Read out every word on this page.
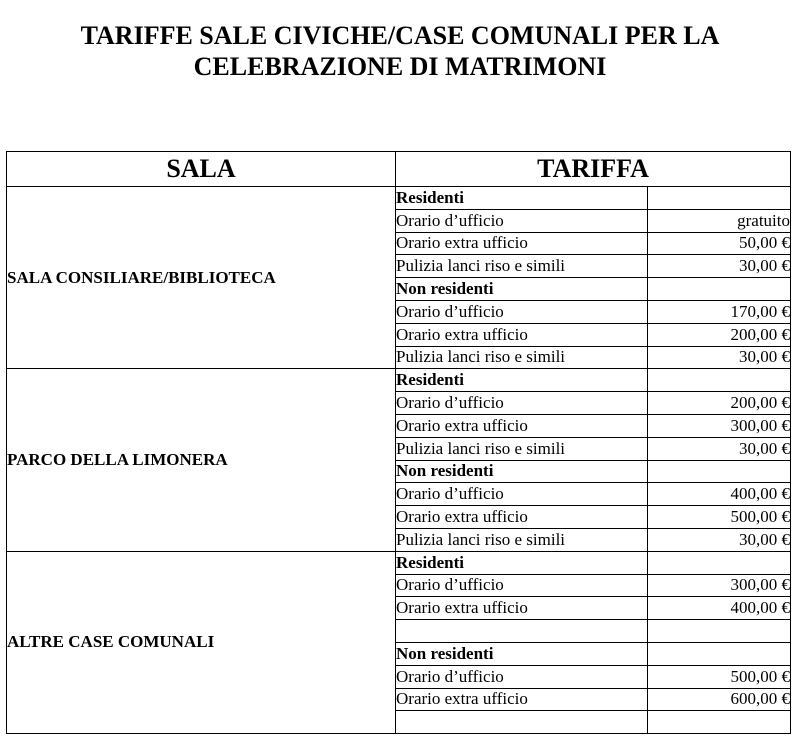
TARIFFE SALE CIVICHE/CASE COMUNALI PER LA
CELEBRAZIONE DI MATRIMONI
SALA	TARIFFA	
SALA CONSILIARE/BIBLIOTECA	Residenti	
	Orario d’ufficio	gratuito
	Orario extra ufficio	50,00 €
	Pulizia lanci riso e simili	30,00 €
	Non residenti	
	Orario d’ufficio	170,00 €
	Orario extra ufficio	200,00 €
	Pulizia lanci riso e simili	30,00 €
PARCO DELLA LIMONERA	Residenti	
	Orario d’ufficio	200,00 €
	Orario extra ufficio	300,00 €
	Pulizia lanci riso e simili	30,00 €
	Non residenti	
	Orario d’ufficio	400,00 €
	Orario extra ufficio	500,00 €
	Pulizia lanci riso e simili	30,00 €
ALTRE CASE COMUNALI	Residenti	
	Orario d’ufficio	300,00 €
	Orario extra ufficio	400,00 €

	Non residenti	
	Orario d’ufficio	500,00 €
	Orario extra ufficio	600,00 €
